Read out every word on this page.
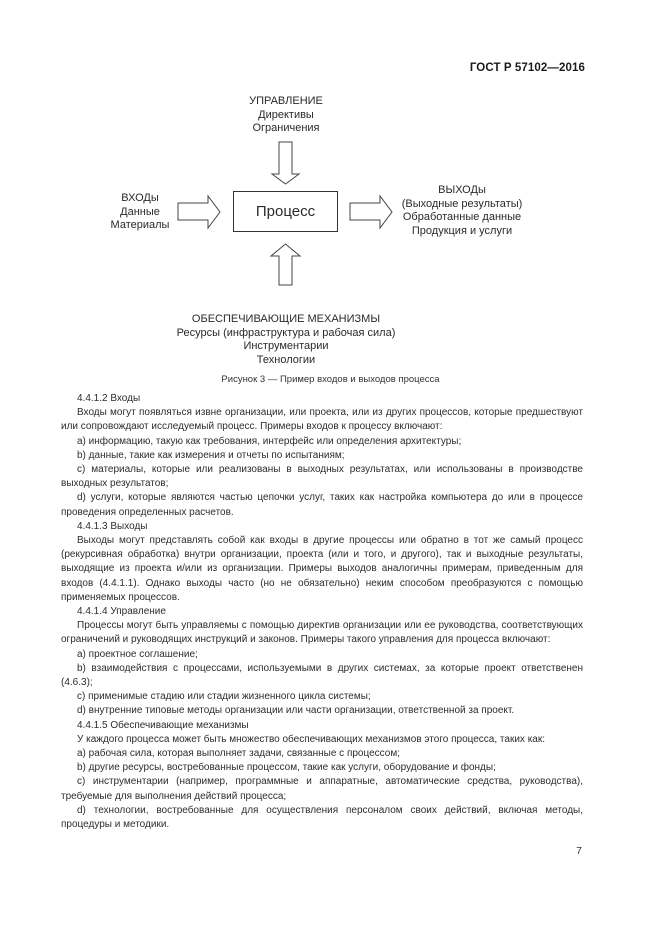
ГОСТ Р 57102—2016
УПРАВЛЕНИЕ
Директивы
Ограничения
ВХОДы
Данные
Материалы
Процесс
ВЫХОДы
(Выходные результаты)
Обработанные данные
Продукция и услуги
ОБЕСПЕЧИВАЮЩИЕ МЕХАНИЗМЫ
Ресурсы (инфраструктура и рабочая сила)
Инструментарии
Технологии
Рисунок 3 — Пример входов и выходов процесса

4.4.1.2 Входы

Входы могут появляться извне организации, или проекта, или из других процессов, которые предшествуют или сопровождают исследуемый процесс. Примеры входов к процессу включают:

а) информацию, такую как требования, интерфейс или определения архитектуры;

b) данные, такие как измерения и отчеты по испытаниям;

с) материалы, которые или реализованы в выходных результатах, или использованы в производстве выходных результатов;

d) услуги, которые являются частью цепочки услуг, таких как настройка компьютера до или в процессе проведения определенных расчетов.

4.4.1.3 Выходы

Выходы могут представлять собой как входы в другие процессы или обратно в тот же самый процесс (рекурсивная обработка) внутри организации, проекта (или и того, и другого), так и выходные результаты, выходящие из проекта и/или из организации. Примеры выходов аналогичны примерам, приведенным для входов (4.4.1.1). Однако выходы часто (но не обязательно) неким способом преобразуются с помощью применяемых процессов.

4.4.1.4 Управление

Процессы могут быть управляемы с помощью директив организации или ее руководства, соответствующих ограничений и руководящих инструкций и законов. Примеры такого управления для процесса включают:

а) проектное соглашение;

b) взаимодействия с процессами, используемыми в других системах, за которые проект ответственен (4.6.3);

с) применимые стадию или стадии жизненного цикла системы;

d) внутренние типовые методы организации или части организации, ответственной за проект.

4.4.1.5 Обеспечивающие механизмы

У каждого процесса может быть множество обеспечивающих механизмов этого процесса, таких как:

а) рабочая сила, которая выполняет задачи, связанные с процессом;

b) другие ресурсы, востребованные процессом, такие как услуги, оборудование и фонды;

с) инструментарии (например, программные и аппаратные, автоматические средства, руководства), требуемые для выполнения действий процесса;

d) технологии, востребованные для осуществления персоналом своих действий, включая методы, процедуры и методики.

7
